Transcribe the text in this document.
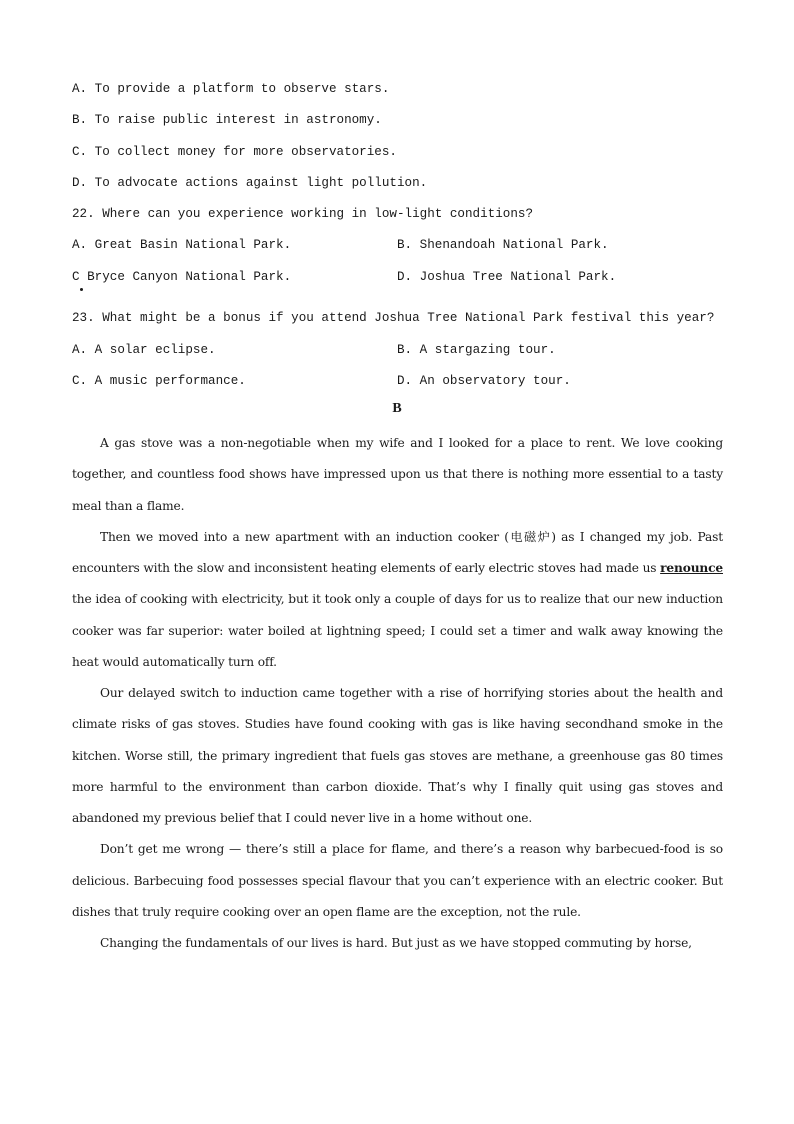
A. To provide a platform to observe stars.

B. To raise public interest in astronomy.

C. To collect money for more observatories.

D. To advocate actions against light pollution.

22. Where can you experience working in low-light conditions?

A. Great Basin National Park.	B. Shenandoah National Park.

C Bryce Canyon National Park.	D. Joshua Tree National Park.

23. What might be a bonus if you attend Joshua Tree National Park festival this year?

A. A solar eclipse.	B. A stargazing tour.

C. A music performance.	D. An observatory tour.

B

A gas stove was a non-negotiable when my wife and I looked for a place to rent. We love cooking together, and countless food shows have impressed upon us that there is nothing more essential to a tasty meal than a flame.

Then we moved into a new apartment with an induction cooker (电磁炉) as I changed my job. Past encounters with the slow and inconsistent heating elements of early electric stoves had made us renounce the idea of cooking with electricity, but it took only a couple of days for us to realize that our new induction cooker was far superior: water boiled at lightning speed; I could set a timer and walk away knowing the heat would automatically turn off.

Our delayed switch to induction came together with a rise of horrifying stories about the health and climate risks of gas stoves. Studies have found cooking with gas is like having secondhand smoke in the kitchen. Worse still, the primary ingredient that fuels gas stoves are methane, a greenhouse gas 80 times more harmful to the environment than carbon dioxide. That’s why I finally quit using gas stoves and abandoned my previous belief that I could never live in a home without one.

Don’t get me wrong — there’s still a place for flame, and there’s a reason why barbecued-food is so delicious. Barbecuing food possesses special flavour that you can’t experience with an electric cooker. But dishes that truly require cooking over an open flame are the exception, not the rule.

Changing the fundamentals of our lives is hard. But just as we have stopped commuting by horse,
